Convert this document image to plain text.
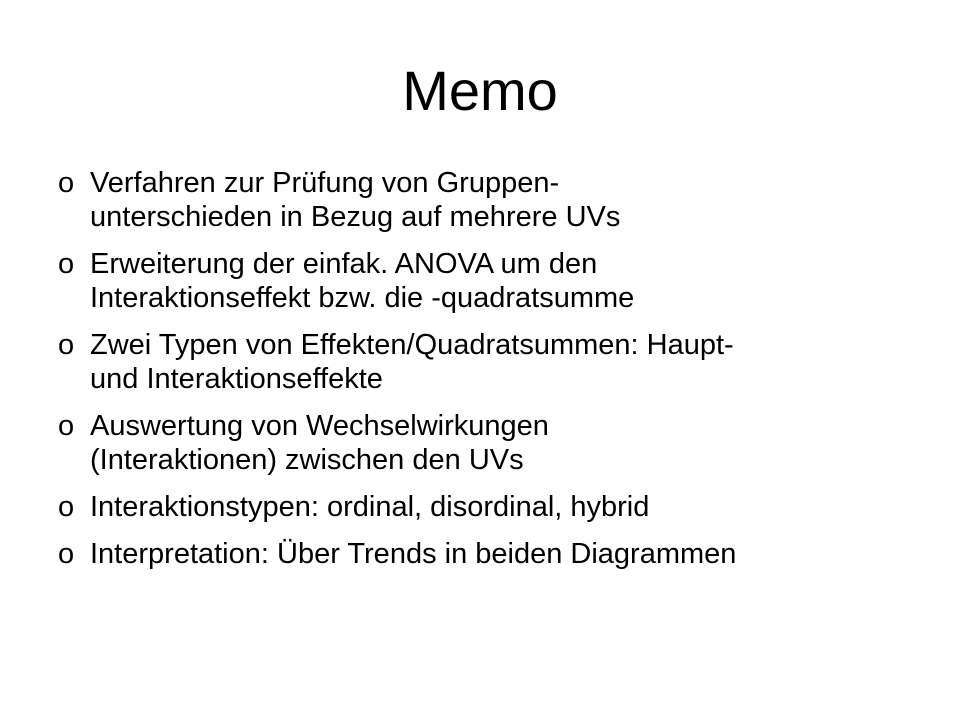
Memo
o Verfahren zur Prüfung von Gruppen-
unterschieden in Bezug auf mehrere UVs
o Erweiterung der einfak. ANOVA um den
Interaktionseffekt bzw. die -quadratsumme
o Zwei Typen von Effekten/Quadratsummen: Haupt-
und Interaktionseffekte
o Auswertung von Wechselwirkungen
(Interaktionen) zwischen den UVs
o Interaktionstypen: ordinal, disordinal, hybrid
o Interpretation: Über Trends in beiden Diagrammen
